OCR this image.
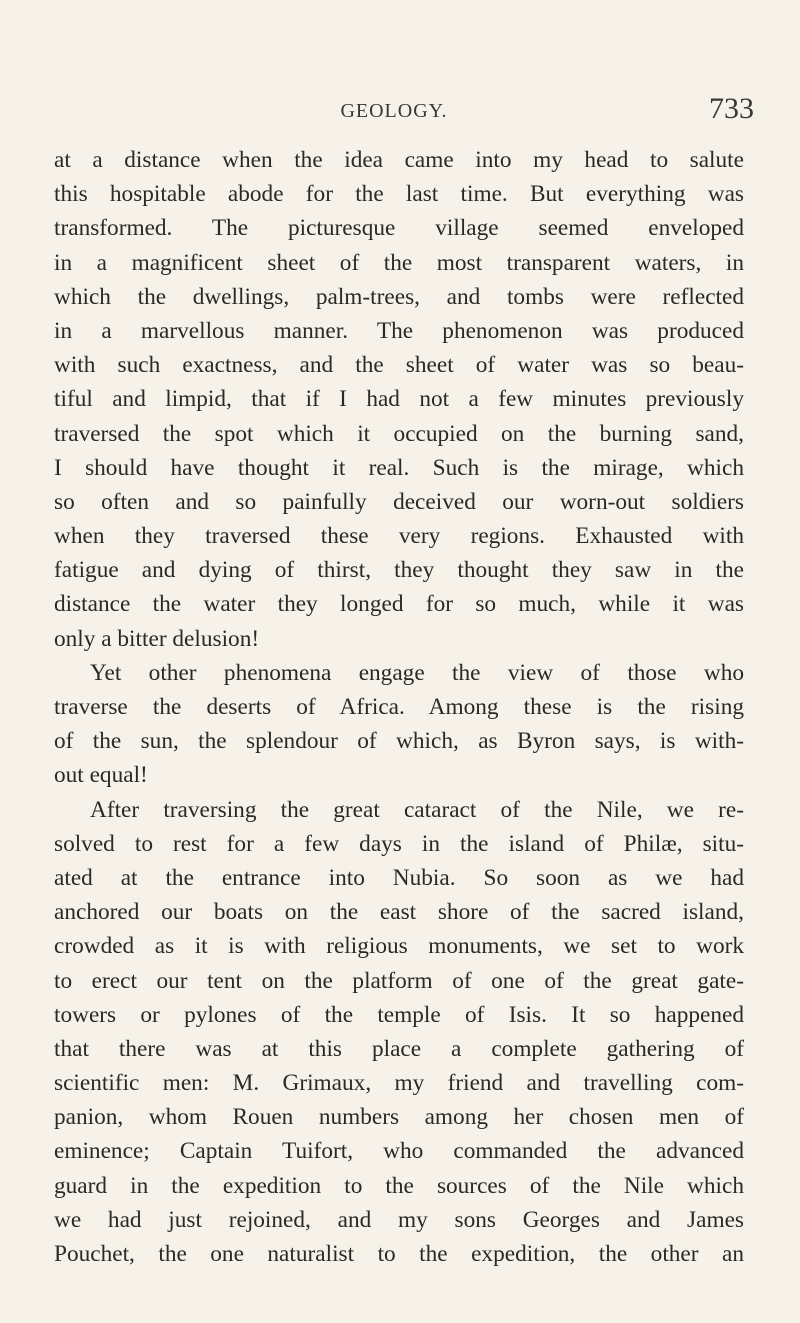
GEOLOGY.	733
at a distance when the idea came into my head to salute
this hospitable abode for the last time. But everything was
transformed. The picturesque village seemed enveloped
in a magnificent sheet of the most transparent waters, in
which the dwellings, palm-trees, and tombs were reflected
in a marvellous manner. The phenomenon was produced
with such exactness, and the sheet of water was so beau-
tiful and limpid, that if I had not a few minutes previously
traversed the spot which it occupied on the burning sand,
I should have thought it real. Such is the mirage, which
so often and so painfully deceived our worn-out soldiers
when they traversed these very regions. Exhausted with
fatigue and dying of thirst, they thought they saw in the
distance the water they longed for so much, while it was
only a bitter delusion!
Yet other phenomena engage the view of those who
traverse the deserts of Africa. Among these is the rising
of the sun, the splendour of which, as Byron says, is with-
out equal!
After traversing the great cataract of the Nile, we re-
solved to rest for a few days in the island of Philæ, situ-
ated at the entrance into Nubia. So soon as we had
anchored our boats on the east shore of the sacred island,
crowded as it is with religious monuments, we set to work
to erect our tent on the platform of one of the great gate-
towers or pylones of the temple of Isis. It so happened
that there was at this place a complete gathering of
scientific men: M. Grimaux, my friend and travelling com-
panion, whom Rouen numbers among her chosen men of
eminence; Captain Tuifort, who commanded the advanced
guard in the expedition to the sources of the Nile which
we had just rejoined, and my sons Georges and James
Pouchet, the one naturalist to the expedition, the other an
